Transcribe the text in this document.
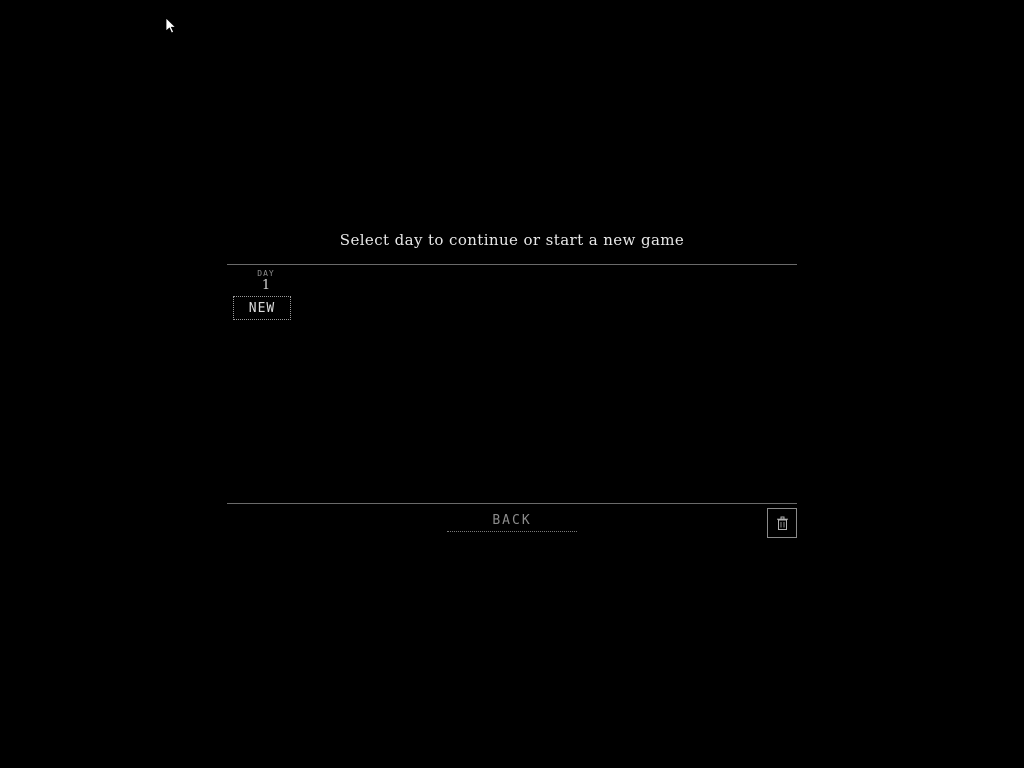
Select day to continue or start a new game
DAY
1
NEW
BACK
